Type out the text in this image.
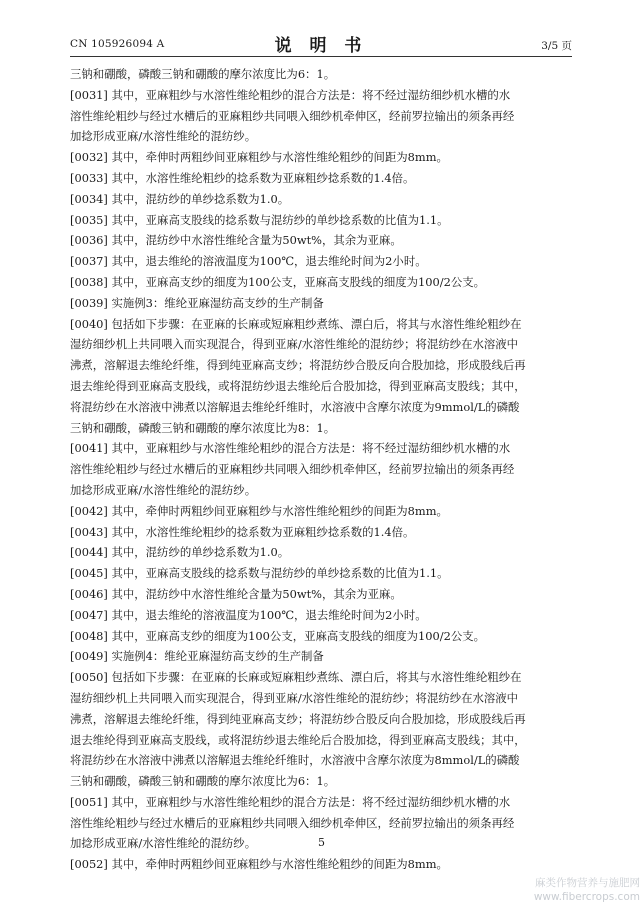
CN 105926094 A	说 明 书	3/5 页
三钠和硼酸，磷酸三钠和硼酸的摩尔浓度比为6：1。
[0031] 其中，亚麻粗纱与水溶性维纶粗纱的混合方法是：将不经过湿纺细纱机水槽的水
溶性维纶粗纱与经过水槽后的亚麻粗纱共同喂入细纱机牵伸区，经前罗拉输出的须条再经
加捻形成亚麻/水溶性维纶的混纺纱。
[0032] 其中，牵伸时两粗纱间亚麻粗纱与水溶性维纶粗纱的间距为8mm。
[0033] 其中，水溶性维纶粗纱的捻系数为亚麻粗纱捻系数的1.4倍。
[0034] 其中，混纺纱的单纱捻系数为1.0。
[0035] 其中，亚麻高支股线的捻系数与混纺纱的单纱捻系数的比值为1.1。
[0036] 其中，混纺纱中水溶性维纶含量为50wt%，其余为亚麻。
[0037] 其中，退去维纶的溶液温度为100℃，退去维纶时间为2小时。
[0038] 其中，亚麻高支纱的细度为100公支，亚麻高支股线的细度为100/2公支。
[0039] 实施例3：维纶亚麻湿纺高支纱的生产制备
[0040] 包括如下步骤：在亚麻的长麻或短麻粗纱煮练、漂白后，将其与水溶性维纶粗纱在
湿纺细纱机上共同喂入而实现混合，得到亚麻/水溶性维纶的混纺纱；将混纺纱在水溶液中
沸煮，溶解退去维纶纤维，得到纯亚麻高支纱；将混纺纱合股反向合股加捻，形成股线后再
退去维纶得到亚麻高支股线，或将混纺纱退去维纶后合股加捻，得到亚麻高支股线；其中，
将混纺纱在水溶液中沸煮以溶解退去维纶纤维时，水溶液中含摩尔浓度为9mmol/L的磷酸
三钠和硼酸，磷酸三钠和硼酸的摩尔浓度比为8：1。
[0041] 其中，亚麻粗纱与水溶性维纶粗纱的混合方法是：将不经过湿纺细纱机水槽的水
溶性维纶粗纱与经过水槽后的亚麻粗纱共同喂入细纱机牵伸区，经前罗拉输出的须条再经
加捻形成亚麻/水溶性维纶的混纺纱。
[0042] 其中，牵伸时两粗纱间亚麻粗纱与水溶性维纶粗纱的间距为8mm。
[0043] 其中，水溶性维纶粗纱的捻系数为亚麻粗纱捻系数的1.4倍。
[0044] 其中，混纺纱的单纱捻系数为1.0。
[0045] 其中，亚麻高支股线的捻系数与混纺纱的单纱捻系数的比值为1.1。
[0046] 其中，混纺纱中水溶性维纶含量为50wt%，其余为亚麻。
[0047] 其中，退去维纶的溶液温度为100℃，退去维纶时间为2小时。
[0048] 其中，亚麻高支纱的细度为100公支，亚麻高支股线的细度为100/2公支。
[0049] 实施例4：维纶亚麻湿纺高支纱的生产制备
[0050] 包括如下步骤：在亚麻的长麻或短麻粗纱煮练、漂白后，将其与水溶性维纶粗纱在
湿纺细纱机上共同喂入而实现混合，得到亚麻/水溶性维纶的混纺纱；将混纺纱在水溶液中
沸煮，溶解退去维纶纤维，得到纯亚麻高支纱；将混纺纱合股反向合股加捻，形成股线后再
退去维纶得到亚麻高支股线，或将混纺纱退去维纶后合股加捻，得到亚麻高支股线；其中，
将混纺纱在水溶液中沸煮以溶解退去维纶纤维时，水溶液中含摩尔浓度为8mmol/L的磷酸
三钠和硼酸，磷酸三钠和硼酸的摩尔浓度比为6：1。
[0051] 其中，亚麻粗纱与水溶性维纶粗纱的混合方法是：将不经过湿纺细纱机水槽的水
溶性维纶粗纱与经过水槽后的亚麻粗纱共同喂入细纱机牵伸区，经前罗拉输出的须条再经
加捻形成亚麻/水溶性维纶的混纺纱。
[0052] 其中，牵伸时两粗纱间亚麻粗纱与水溶性维纶粗纱的间距为8mm。
5
麻类作物营养与施肥网
www.fibercrops.com
